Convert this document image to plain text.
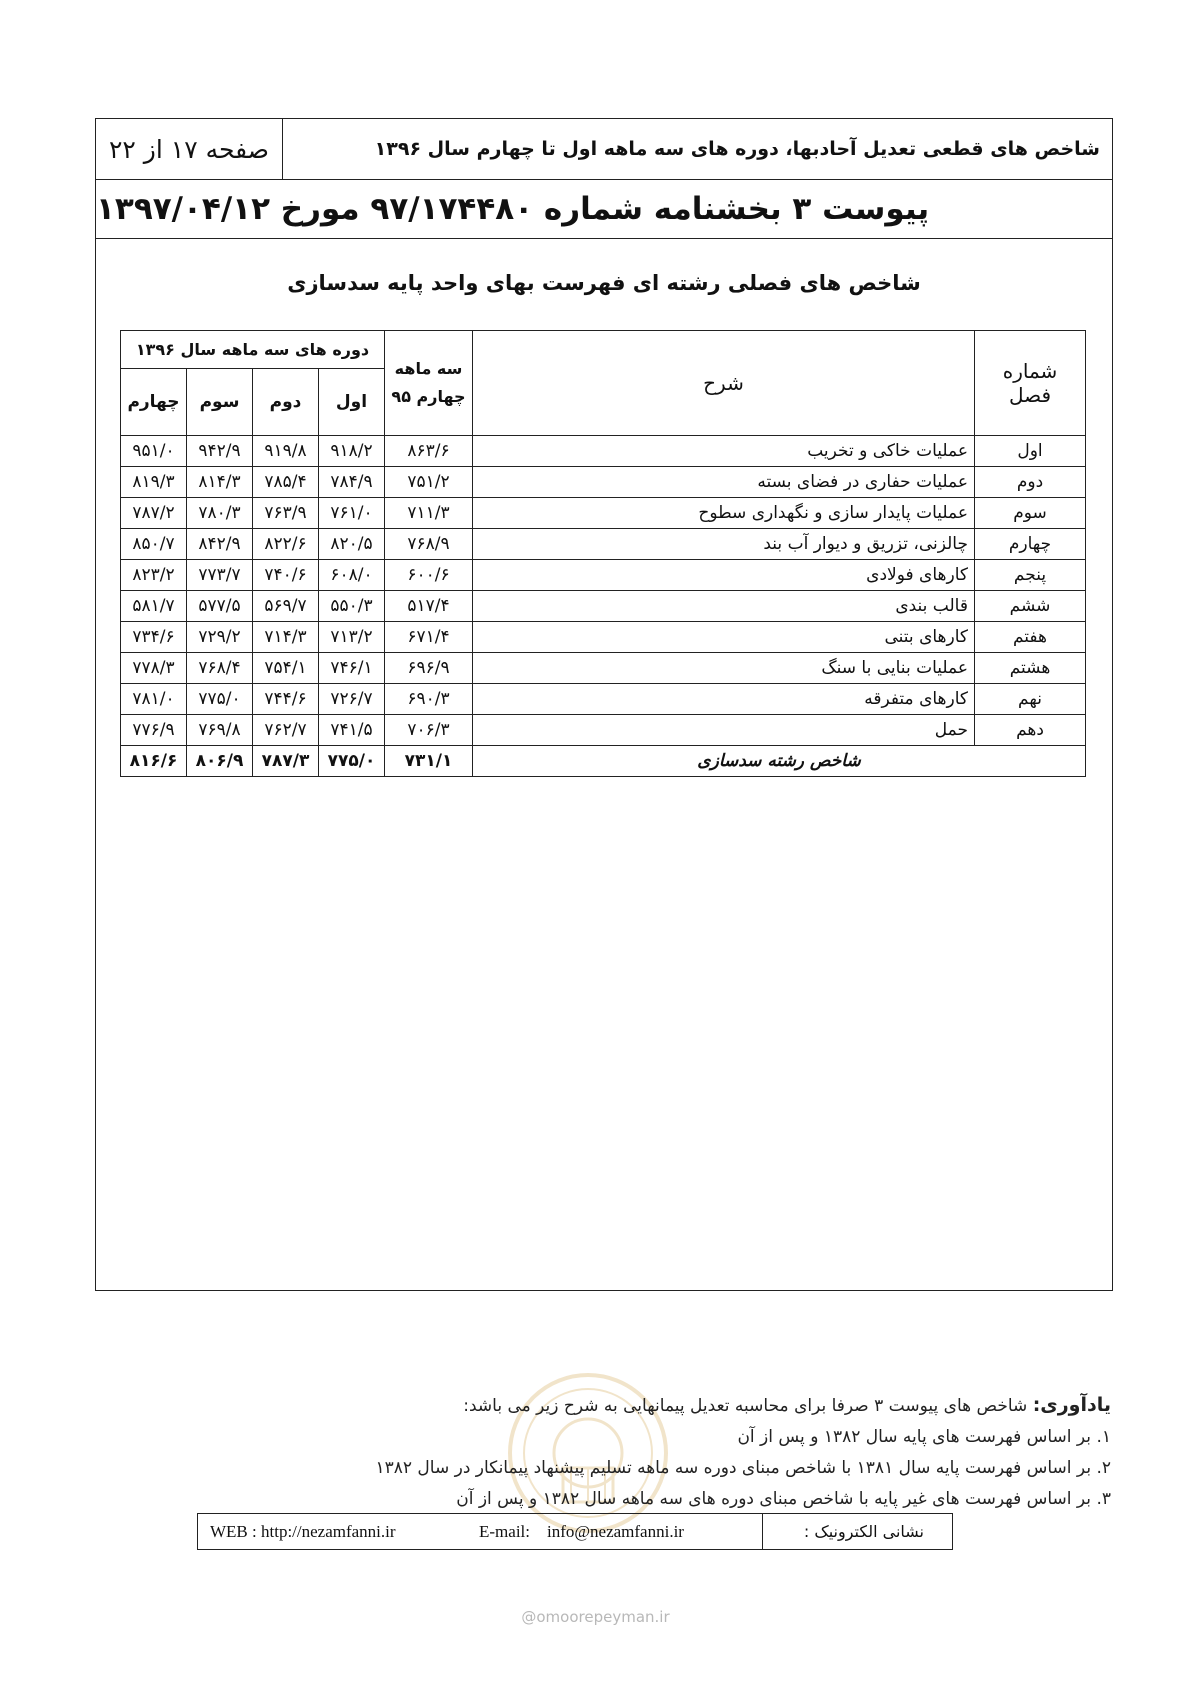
صفحه ۱۷ از ۲۲	شاخص های قطعی تعدیل آحادبها، دوره های سه ماهه اول تا چهارم سال ۱۳۹۶
پیوست ۳ بخشنامه شماره ۹۷/۱۷۴۴۸۰ مورخ ۱۳۹۷/۰۴/۱۲
شاخص های فصلی رشته ای فهرست بهای واحد پایه سدسازی
شماره فصل	شرح	سه ماهه چهارم ۹۵	دوره های سه ماهه سال ۱۳۹۶			
			اول	دوم	سوم	چهارم
اول	عملیات خاکی و تخریب	۸۶۳/۶	۹۱۸/۲	۹۱۹/۸	۹۴۲/۹	۹۵۱/۰
دوم	عملیات حفاری در فضای بسته	۷۵۱/۲	۷۸۴/۹	۷۸۵/۴	۸۱۴/۳	۸۱۹/۳
سوم	عملیات پایدار سازی و نگهداری سطوح	۷۱۱/۳	۷۶۱/۰	۷۶۳/۹	۷۸۰/۳	۷۸۷/۲
چهارم	چالزنی، تزریق و دیوار آب بند	۷۶۸/۹	۸۲۰/۵	۸۲۲/۶	۸۴۲/۹	۸۵۰/۷
پنجم	کارهای فولادی	۶۰۰/۶	۶۰۸/۰	۷۴۰/۶	۷۷۳/۷	۸۲۳/۲
ششم	قالب بندی	۵۱۷/۴	۵۵۰/۳	۵۶۹/۷	۵۷۷/۵	۵۸۱/۷
هفتم	کارهای بتنی	۶۷۱/۴	۷۱۳/۲	۷۱۴/۳	۷۲۹/۲	۷۳۴/۶
هشتم	عملیات بنایی با سنگ	۶۹۶/۹	۷۴۶/۱	۷۵۴/۱	۷۶۸/۴	۷۷۸/۳
نهم	کارهای متفرقه	۶۹۰/۳	۷۲۶/۷	۷۴۴/۶	۷۷۵/۰	۷۸۱/۰
دهم	حمل	۷۰۶/۳	۷۴۱/۵	۷۶۲/۷	۷۶۹/۸	۷۷۶/۹
شاخص رشته سدسازی		۷۳۱/۱	۷۷۵/۰	۷۸۷/۳	۸۰۶/۹	۸۱۶/۶
یادآوری: شاخص های پیوست ۳ صرفا برای محاسبه تعدیل پیمانهایی به شرح زیر می باشد:
۱. بر اساس فهرست های پایه سال ۱۳۸۲ و پس از آن
۲. بر اساس فهرست پایه سال ۱۳۸۱ با شاخص مبنای دوره سه ماهه تسلیم پیشنهاد پیمانکار در سال ۱۳۸۲
۳. بر اساس فهرست های غیر پایه با شاخص مبنای دوره های سه ماهه سال ۱۳۸۲ و پس از آن
WEB : http://nezamfanni.ir	E-mail: info@nezamfanni.ir	نشانی الکترونیک :
@omoorepeyman.ir
